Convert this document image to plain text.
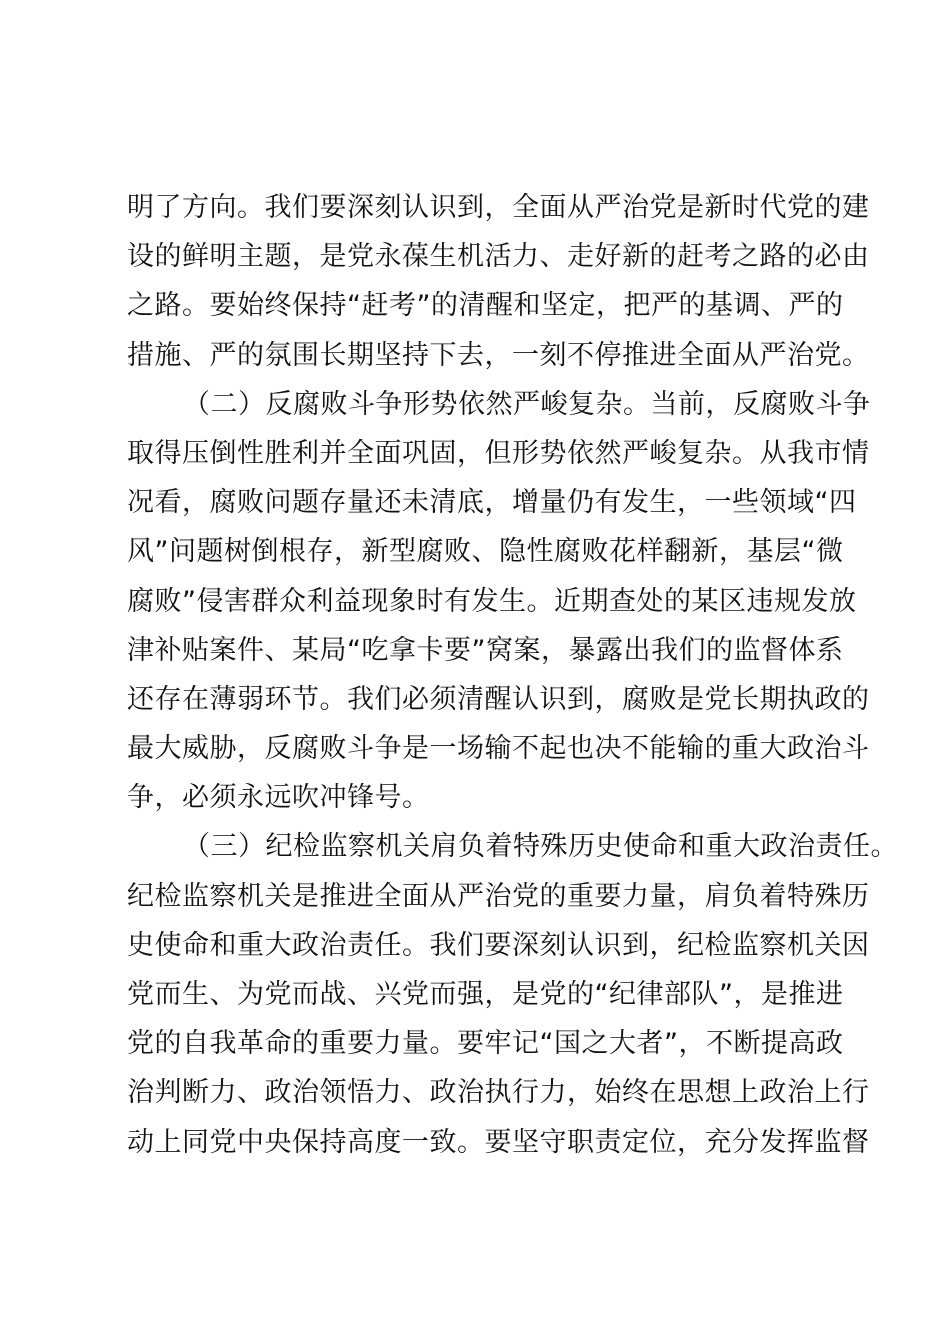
明了方向。我们要深刻认识到，全面从严治党是新时代党的建
设的鲜明主题，是党永葆生机活力、走好新的赶考之路的必由
之路。要始终保持“赶考”的清醒和坚定，把严的基调、严的
措施、严的氛围长期坚持下去，一刻不停推进全面从严治党。
（二）反腐败斗争形势依然严峻复杂。当前，反腐败斗争
取得压倒性胜利并全面巩固，但形势依然严峻复杂。从我市情
况看，腐败问题存量还未清底，增量仍有发生，一些领域“四
风”问题树倒根存，新型腐败、隐性腐败花样翻新，基层“微
腐败”侵害群众利益现象时有发生。近期查处的某区违规发放
津补贴案件、某局“吃拿卡要”窝案，暴露出我们的监督体系
还存在薄弱环节。我们必须清醒认识到，腐败是党长期执政的
最大威胁，反腐败斗争是一场输不起也决不能输的重大政治斗
争，必须永远吹冲锋号。
（三）纪检监察机关肩负着特殊历史使命和重大政治责任。
纪检监察机关是推进全面从严治党的重要力量，肩负着特殊历
史使命和重大政治责任。我们要深刻认识到，纪检监察机关因
党而生、为党而战、兴党而强，是党的“纪律部队”，是推进
党的自我革命的重要力量。要牢记“国之大者”，不断提高政
治判断力、政治领悟力、政治执行力，始终在思想上政治上行
动上同党中央保持高度一致。要坚守职责定位，充分发挥监督
